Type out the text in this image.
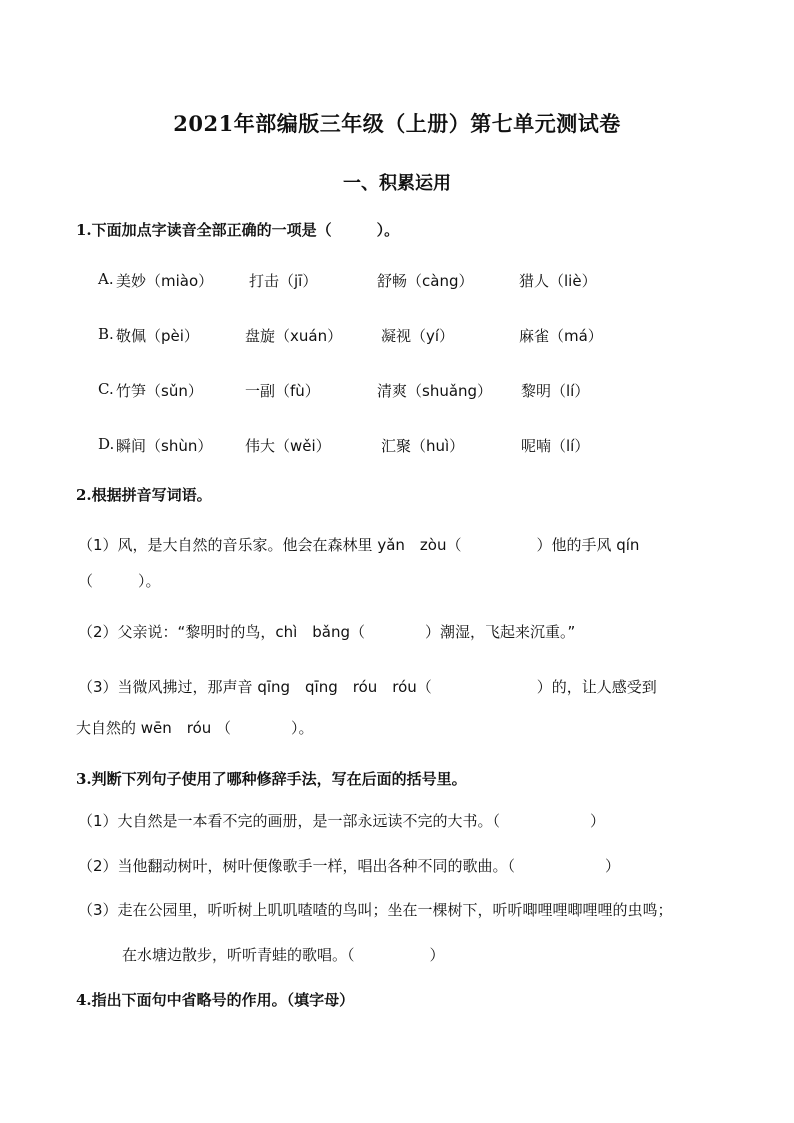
2021年部编版三年级（上册）第七单元测试卷
一、积累运用
1.下面加点字读音全部正确的一项是（　　　）。
A. 美妙（miào） 打击（jī）	舒畅（càng）	猎人（liè）
B. 敬佩（pèi）	盘旋（xuán）	凝视（yí）	麻雀（má）
C. 竹笋（sǔn）	一副（fù）	清爽（shuǎng） 黎明（lí）
D. 瞬间（shùn） 伟大（wěi）	汇聚（huì）	呢喃（lí）
2.根据拼音写词语。
（1）风，是大自然的音乐家。他会在森林里 yǎn　zòu（　　　　　）他的手风 qín
（　　　）。
（2）父亲说：“黎明时的鸟，chì　bǎng（　　　　）潮湿，飞起来沉重。”
（3）当微风拂过，那声音 qīng　qīng　róu　róu（　　　　　　　）的，让人感受到
大自然的 wēn　róu （　　　　）。
3.判断下列句子使用了哪种修辞手法，写在后面的括号里。
（1）大自然是一本看不完的画册，是一部永远读不完的大书。（　　　　　　）
（2）当他翻动树叶，树叶便像歌手一样，唱出各种不同的歌曲。（　　　　　　）
（3）走在公园里，听听树上叽叽喳喳的鸟叫；坐在一棵树下，听听唧哩哩唧哩哩的虫鸣；
在水塘边散步，听听青蛙的歌唱。（　　　　　）
4.指出下面句中省略号的作用。（填字母）
